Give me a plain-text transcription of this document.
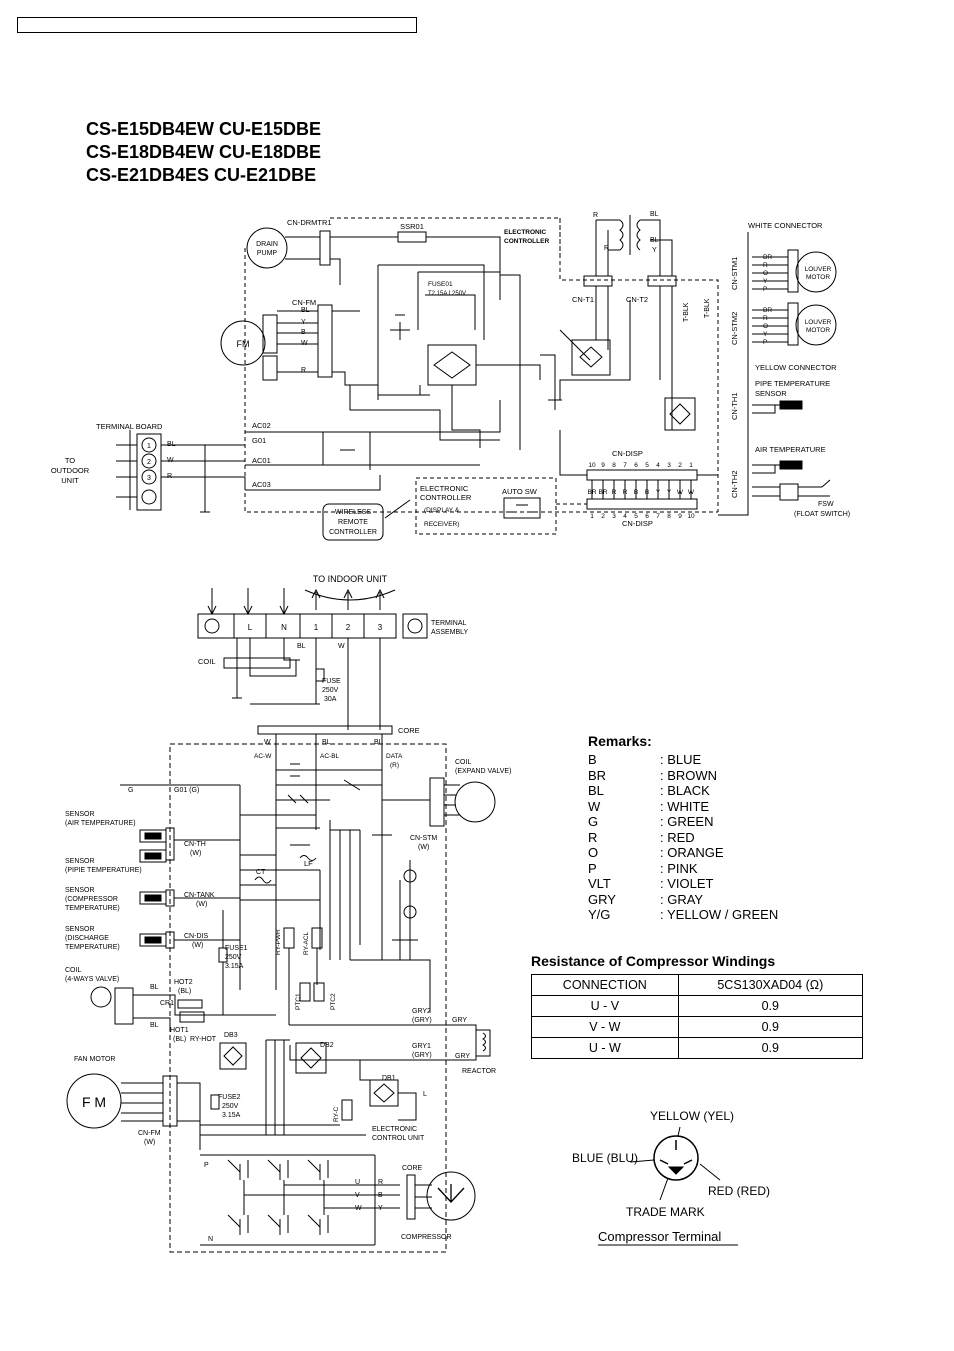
CS-E15DB4EW CU-E15DBE
CS-E18DB4EW CU-E18DBE
CS-E21DB4ES CU-E21DBE
DRAIN
PUMP
CN-DRMTR1	SSR01
ELECTRONIC
CONTROLLER
FUSE01
T2.15A L250V
FM
CN-FM
BL
Y
B
W
R
TERMINAL BOARD
1
2
3
BL
W
R
TO
OUTDOOR
UNIT
AC02
G01
AC01
AC03
CN-T1	CN-T2
R	BL
R
BL
Y
T-BLK T-BLK
WHITE CONNECTOR
YELLOW CONNECTOR
CN-STM1
CN-STM2
CN-TH1
CN-TH2
BR
R
O
Y
P
BR
R
O
Y
P
LOUVER
MOTOR
LOUVER
MOTOR
PIPE TEMPERATURE
SENSOR
AIR TEMPERATURE
FSW
(FLOAT SWITCH)
CN-DISP
CN-DISP
10 9 8 7 6 5 4 3 2 1
BR BR R R B B Y Y W W
1 2 3 4 5 6 7 8 9 10
ELECTRONIC
CONTROLLER
(DISPLAY &
RECEIVER)
AUTO SW
WIRELESS
REMOTE
CONTROLLER
TO INDOOR UNIT
L	N	1	2	3	TERMINAL
ASSEMBLY
COIL
BL	W
FUSE
250V
30A
CORE
W	BL	BL
AC-W	AC-BL	DATA
(R)
G	G01 (G)
LF
CT
RY-PWR	RY-ACL
PTC1	PTC2
COIL
(EXPAND VALVE)
CN-STM
(W)
SENSOR
(AIR TEMPERATURE)
SENSOR
(PIPIE TEMPERATURE)
CN-TH
(W)
SENSOR
(COMPRESSOR
TEMPERATURE)
CN-TANK
(W)
SENSOR
(DISCHARGE
TEMPERATURE)
CN-DIS
(W)	FUSE1
250V
3.15A
COIL
(4-WAYS VALVE)
BL
BL
HOT2
(BL)
CR1
HOT1
(BL) RY-HOT
DB3
GRY2
(GRY)	GRY
GRY1
(GRY)	GRY
REACTOR
DB2
DB1
L
RY-C
ELECTRONIC
CONTROL UNIT
FAN MOTOR
F M
CN-FM
(W)
FUSE2
250V
3.15A
P
N
U
V
W
R
B
Y
CORE
COMPRESSOR
YELLOW (YEL)
BLUE (BLU)
RED (RED)
TRADE MARK
Compressor Terminal
Remarks:
B	: BLUE
BR	: BROWN
BL	: BLACK
W	: WHITE
G	: GREEN
R	: RED
O	: ORANGE
P	: PINK
VLT	: VIOLET
GRY	: GRAY
Y/G	: YELLOW / GREEN
Resistance of Compressor Windings
CONNECTION	5CS130XAD04 (Ω)
U - V	0.9
V - W	0.9
U - W	0.9
